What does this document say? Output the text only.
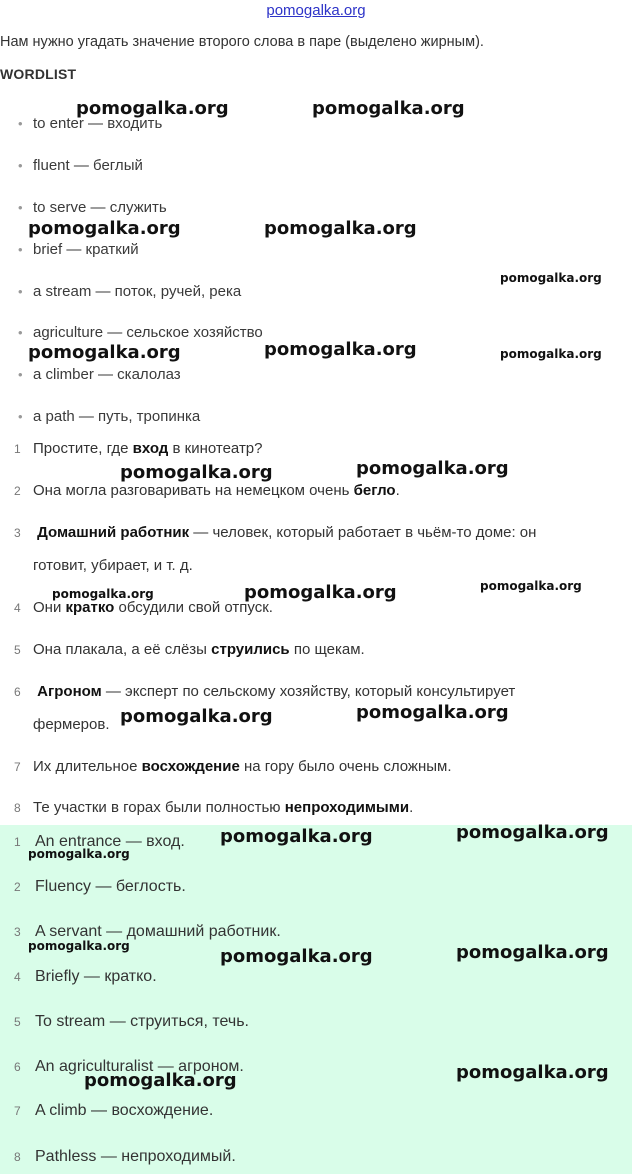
pomogalka.org
Нам нужно угадать значение второго слова в паре (выделено жирным).
WORDLIST
• to enter — входить
• fluent — беглый
• to serve — служить
• brief — краткий
• a stream — поток, ручей, река
• agriculture — сельское хозяйство
• a climber — скалолаз
• a path — путь, тропинка
1 Простите, где вход в кинотеатр?
2 Она могла разговаривать на немецком очень бегло.
3 Домашний работник — человек, который работает в чьём-то доме: он
готовит, убирает, и т. д.
4 Они кратко обсудили свой отпуск.
5 Она плакала, а её слёзы струились по щекам.
6 Агроном — эксперт по сельскому хозяйству, который консультирует
фермеров.
7 Их длительное восхождение на гору было очень сложным.
8 Те участки в горах были полностью непроходимыми.
1 An entrance — вход.
2 Fluency — беглость.
3 A servant — домашний работник.
4 Briefly — кратко.
5 To stream — струиться, течь.
6 An agriculturalist — агроном.
7 A climb — восхождение.
8 Pathless — непроходимый.
pomogalka.org	pomogalka.org
pomogalka.org	pomogalka.org
pomogalka.org
pomogalka.org	pomogalka.org	pomogalka.org
pomogalka.org	pomogalka.org
pomogalka.org	pomogalka.org	pomogalka.org
pomogalka.org	pomogalka.org
pomogalka.org	pomogalka.org
pomogalka.org
pomogalka.org	pomogalka.org	pomogalka.org
pomogalka.org
pomogalka.org
